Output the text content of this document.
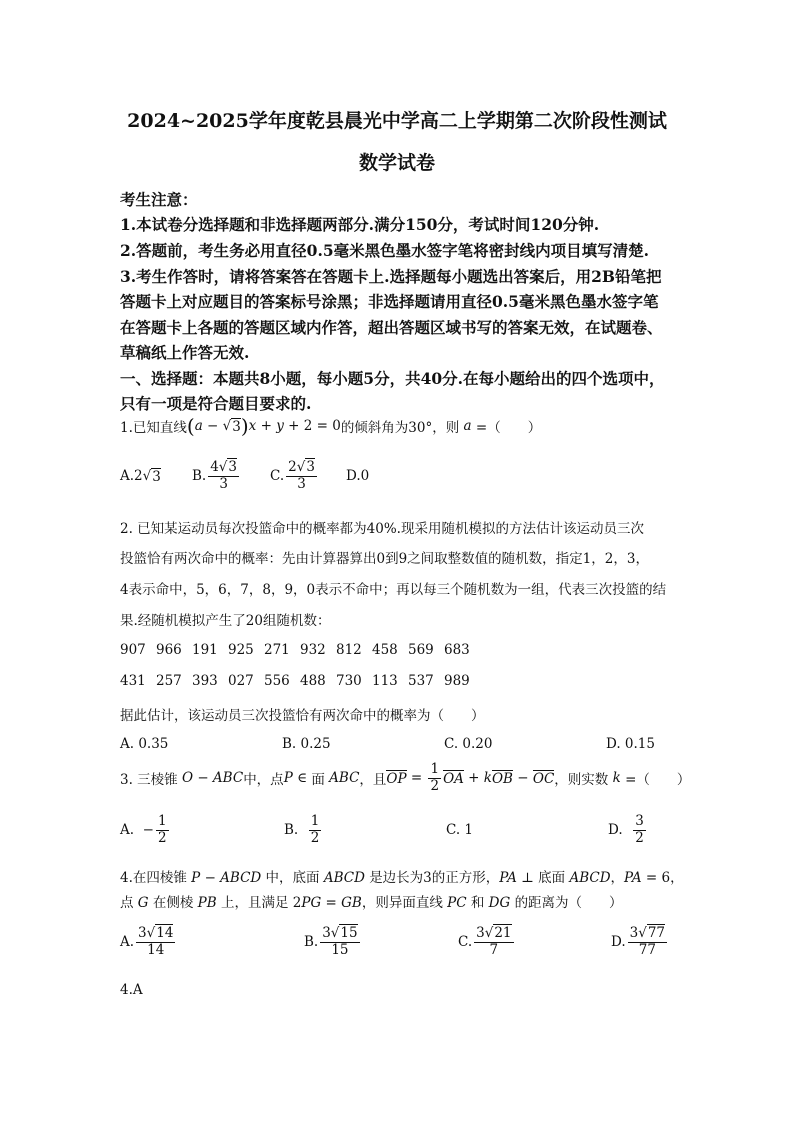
2024~2025学年度乾县晨光中学高二上学期第二次阶段性测试
数学试卷
考生注意：
1.本试卷分选择题和非选择题两部分.满分150分，考试时间120分钟.
2.答题前，考生务必用直径0.5毫米黑色墨水签字笔将密封线内项目填写清楚.
3.考生作答时，请将答案答在答题卡上.选择题每小题选出答案后，用2B铅笔把
答题卡上对应题目的答案标号涂黑；非选择题请用直径0.5毫米黑色墨水签字笔
在答题卡上各题的答题区域内作答，超出答题区域书写的答案无效，在试题卷、
草稿纸上作答无效.
一、选择题：本题共8小题，每小题5分，共40分.在每小题给出的四个选项中，
只有一项是符合题目要求的.
1.已知直线 ( a − √ 3 ) x + y + 2 = 0 的倾斜角为30°，则 a =（　　）
A. 2√ 3 B. $\frac{4√3}{3} C$. $\frac{2√3}{3} D.0$
2. 已知某运动员每次投篮命中的概率都为40%.现采用随机模拟的方法估计该运动员三次
投篮恰有两次命中的概率：先由计算器算出0到9之间取整数值的随机数，指定1，2，3，
4表示命中，5，6，7，8，9，0表示不命中；再以每三个随机数为一组，代表三次投篮的结
果.经随机模拟产生了20组随机数：
907 966 191 925 271 932 812 458 569 683
431 257 393 027 556 488 730 113 537 989
据此估计，该运动员三次投篮恰有两次命中的概率为（　　）
A. 0.35	B. 0.25	C. 0.20	D. 0.15
3. 三棱锥 O − ABC 中，点 P ∈ 面 ABC ，且 OP = $\frac{1}{2}$ OA + k OB − OC ，则实数 k =（　　）
A.  − $\frac{1}{2}$	B. $\frac{1}{2}$	C. 1	D. $\frac{3}{2}$
4.在四棱锥 P − ABCD 中，底面 ABCD 是边长为3的正方形，PA ⊥ 底面 ABCD，PA = 6，
点 G 在侧棱 PB 上，且满足 2PG = GB，则异面直线 PC 和 DG 的距离为（　　）
A. $\frac{3√14}{14}$	B. $\frac{3√15}{15}$	C. $\frac{3√21}{7}$	D. $\frac{3√77}{77}$
4.A
